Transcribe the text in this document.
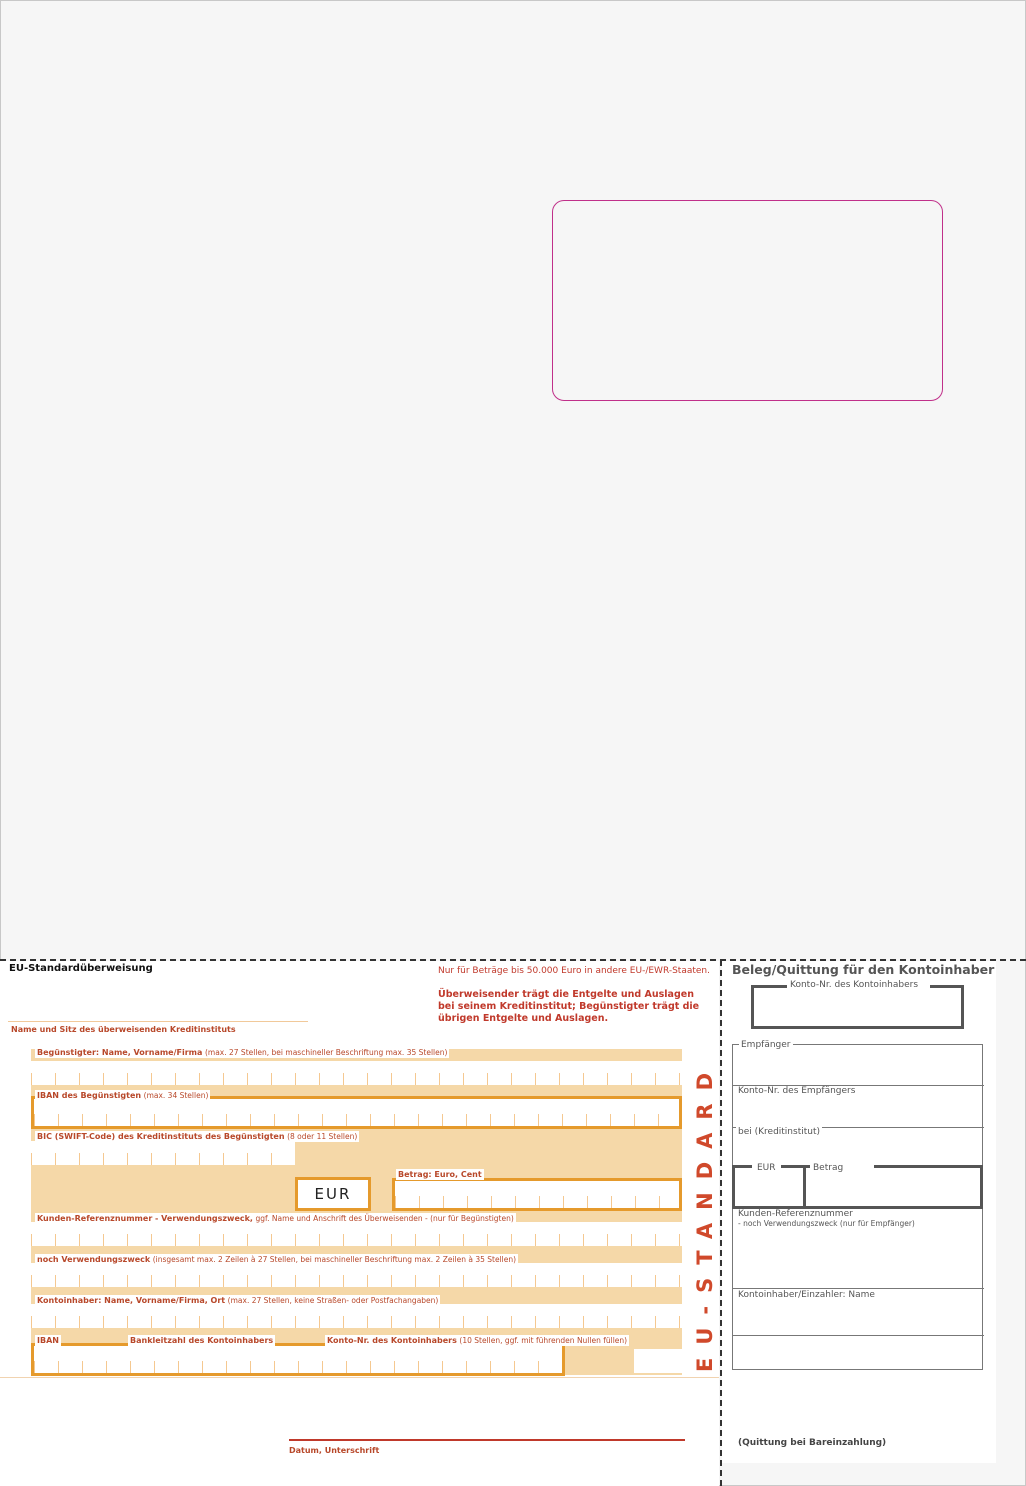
EU-Standardüberweisung	Nur für Beträge bis 50.000 Euro in andere EU-/EWR-Staaten.
Überweisender trägt die Entgelte und Auslagen bei seinem Kreditinstitut; Begünstigter trägt die übrigen Entgelte und Auslagen.
Name und Sitz des überweisenden Kreditinstituts
Begünstigter: Name, Vorname/Firma (max. 27 Stellen, bei maschineller Beschriftung max. 35 Stellen)
IBAN des Begünstigten (max. 34 Stellen)
BIC (SWIFT-Code) des Kreditinstituts des Begünstigten (8 oder 11 Stellen)
EUR
Betrag: Euro, Cent
Kunden-Referenznummer - Verwendungszweck, ggf. Name und Anschrift des Überweisenden - (nur für Begünstigten)
noch Verwendungszweck (insgesamt max. 2 Zeilen à 27 Stellen, bei maschineller Beschriftung max. 2 Zeilen à 35 Stellen)
Kontoinhaber: Name, Vorname/Firma, Ort (max. 27 Stellen, keine Straßen- oder Postfachangaben)
IBAN	Bankleitzahl des Kontoinhabers	Konto-Nr. des Kontoinhabers (10 Stellen, ggf. mit führenden Nullen füllen)	EU-STANDARD
Datum, Unterschrift
Beleg/Quittung für den Kontoinhaber
Konto-Nr. des Kontoinhabers
Empfänger
Konto-Nr. des Empfängers
bei (Kreditinstitut)
EUR	Betrag
Kunden-Referenznummer
- noch Verwendungszweck (nur für Empfänger)
Kontoinhaber/Einzahler: Name
(Quittung bei Bareinzahlung)
